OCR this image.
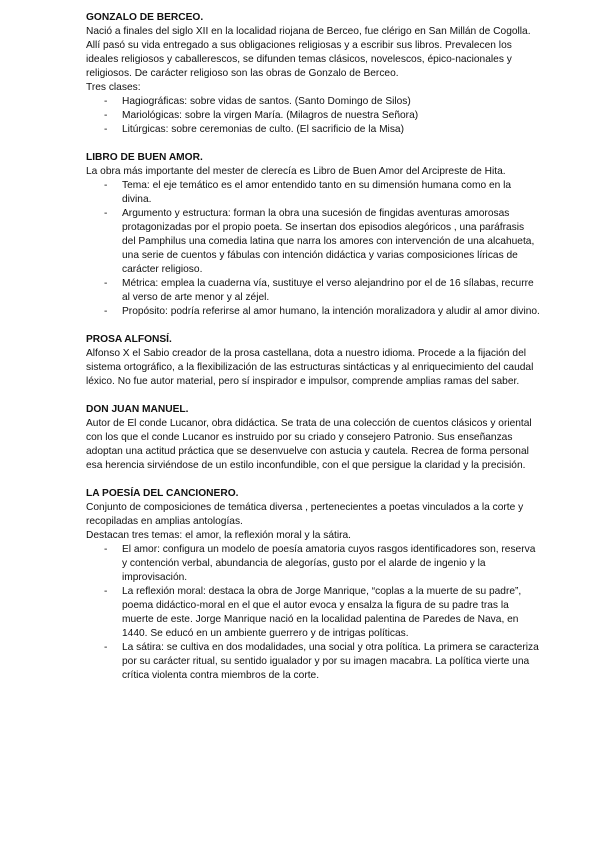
GONZALO DE BERCEO.
Nació a finales del siglo XII en la localidad riojana de Berceo, fue clérigo en San Millán de Cogolla. Allí pasó su vida entregado a sus obligaciones religiosas y a escribir sus libros. Prevalecen los ideales religiosos y caballerescos, se difunden temas clásicos, novelescos, épico-nacionales y religiosos. De carácter religioso son las obras de Gonzalo de Berceo.
Tres clases:
- Hagiográficas: sobre vidas de santos. (Santo Domingo de Silos)
- Mariológicas: sobre la virgen María. (Milagros de nuestra Señora)
- Litúrgicas: sobre ceremonias de culto. (El sacrificio de la Misa)
LIBRO DE BUEN AMOR.
La obra más importante del mester de clerecía es Libro de Buen Amor del Arcipreste de Hita.
- Tema: el eje temático es el amor entendido tanto en su dimensión humana como en la divina.
- Argumento y estructura: forman la obra una sucesión de fingidas aventuras amorosas protagonizadas por el propio poeta. Se insertan dos episodios alegóricos , una paráfrasis del Pamphilus una comedia latina que narra los amores con intervención de una alcahueta, una serie de cuentos y fábulas con intención didáctica y varias composiciones líricas de carácter religioso.
- Métrica: emplea la cuaderna vía, sustituye el verso alejandrino por el de 16 sílabas, recurre al verso de arte menor y al zéjel.
- Propósito: podría referirse al amor humano, la intención moralizadora y aludir al amor divino.
PROSA ALFONSÍ.
Alfonso X el Sabio creador de la prosa castellana, dota a nuestro idioma. Procede a la fijación del sistema ortográfico, a la flexibilización de las estructuras sintácticas y al enriquecimiento del caudal léxico. No fue autor material, pero sí inspirador e impulsor, comprende amplias ramas del saber.
DON JUAN MANUEL.
Autor de El conde Lucanor, obra didáctica. Se trata de una colección de cuentos clásicos y oriental con los que el conde Lucanor es instruido por su criado y consejero Patronio. Sus enseñanzas adoptan una actitud práctica que se desenvuelve con astucia y cautela. Recrea de forma personal esa herencia sirviéndose de un estilo inconfundible, con el que persigue la claridad y la precisión.
LA POESÍA DEL CANCIONERO.
Conjunto de composiciones de temática diversa , pertenecientes a poetas vinculados a la corte y recopiladas en amplias antologías.
Destacan tres temas: el amor, la reflexión moral y la sátira.
- El amor: configura un modelo de poesía amatoria cuyos rasgos identificadores son, reserva y contención verbal, abundancia de alegorías, gusto por el alarde de ingenio y la improvisación.
- La reflexión moral: destaca la obra de Jorge Manrique, “coplas a la muerte de su padre”, poema didáctico-moral en el que el autor evoca y ensalza la figura de su padre tras la muerte de este. Jorge Manrique nació en la localidad palentina de Paredes de Nava, en 1440. Se educó en un ambiente guerrero y de intrigas políticas.
- La sátira: se cultiva en dos modalidades, una social y otra política. La primera se caracteriza por su carácter ritual, su sentido igualador y por su imagen macabra. La política vierte una crítica violenta contra miembros de la corte.
